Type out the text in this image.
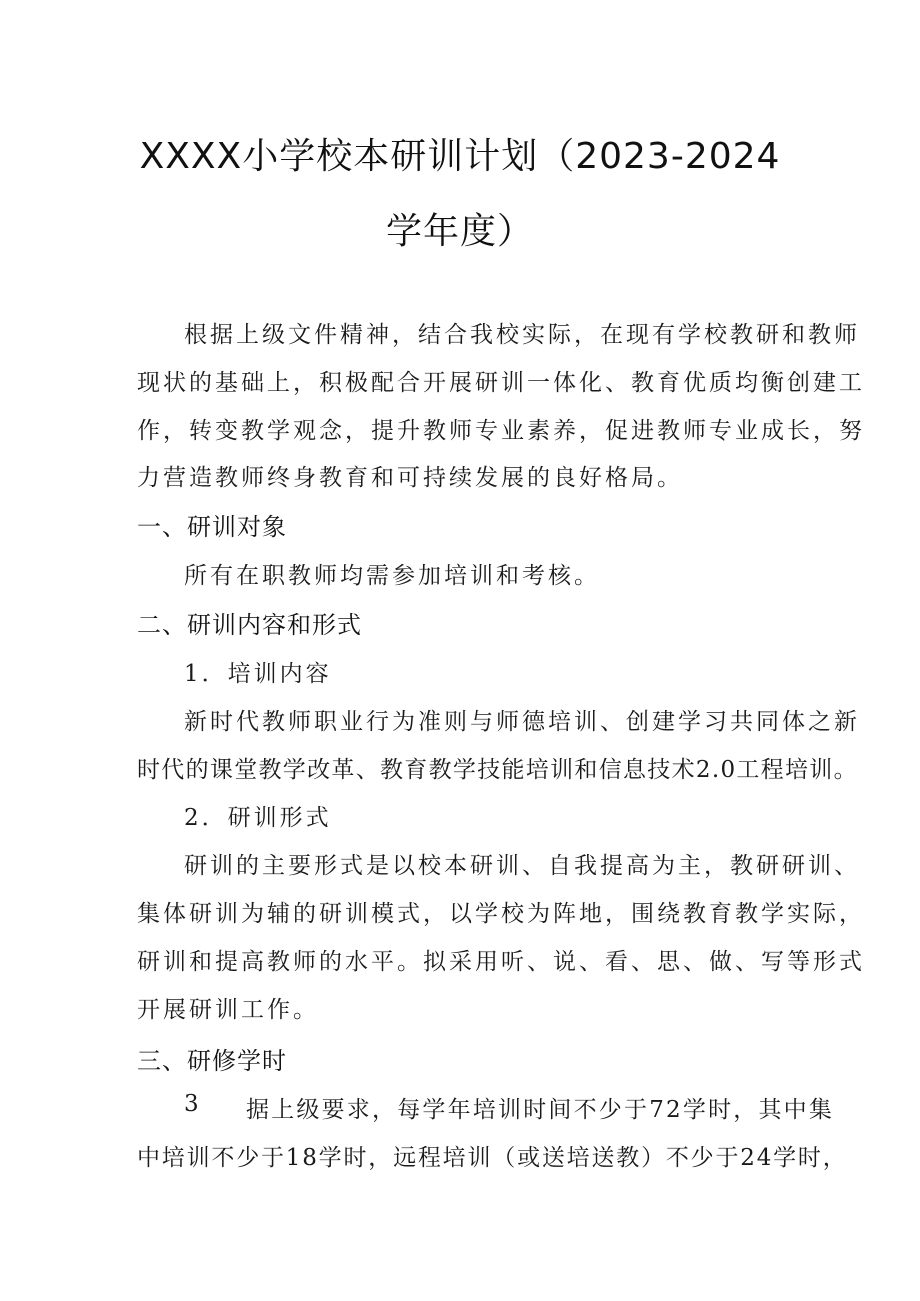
XXXX小学校本研训计划（2023-2024
学年度）
根据上级文件精神，结合我校实际，在现有学校教研和教师
现状的基础上，积极配合开展研训一体化、教育优质均衡创建工
作，转变教学观念，提升教师专业素养，促进教师专业成长，努
力营造教师终身教育和可持续发展的良好格局。
一、研训对象
所有在职教师均需参加培训和考核。
二、研训内容和形式
1．培训内容
新时代教师职业行为准则与师德培训、创建学习共同体之新
时代的课堂教学改革、教育教学技能培训和信息技术2.0工程培训。
2．研训形式
研训的主要形式是以校本研训、自我提高为主，教研研训、
集体研训为辅的研训模式，以学校为阵地，围绕教育教学实际，
研训和提高教师的水平。拟采用听、说、看、思、做、写等形式
开展研训工作。
三、研修学时
3 据上级要求，每学年培训时间不少于72学时，其中集
中培训不少于18学时，远程培训（或送培送教）不少于24学时，
